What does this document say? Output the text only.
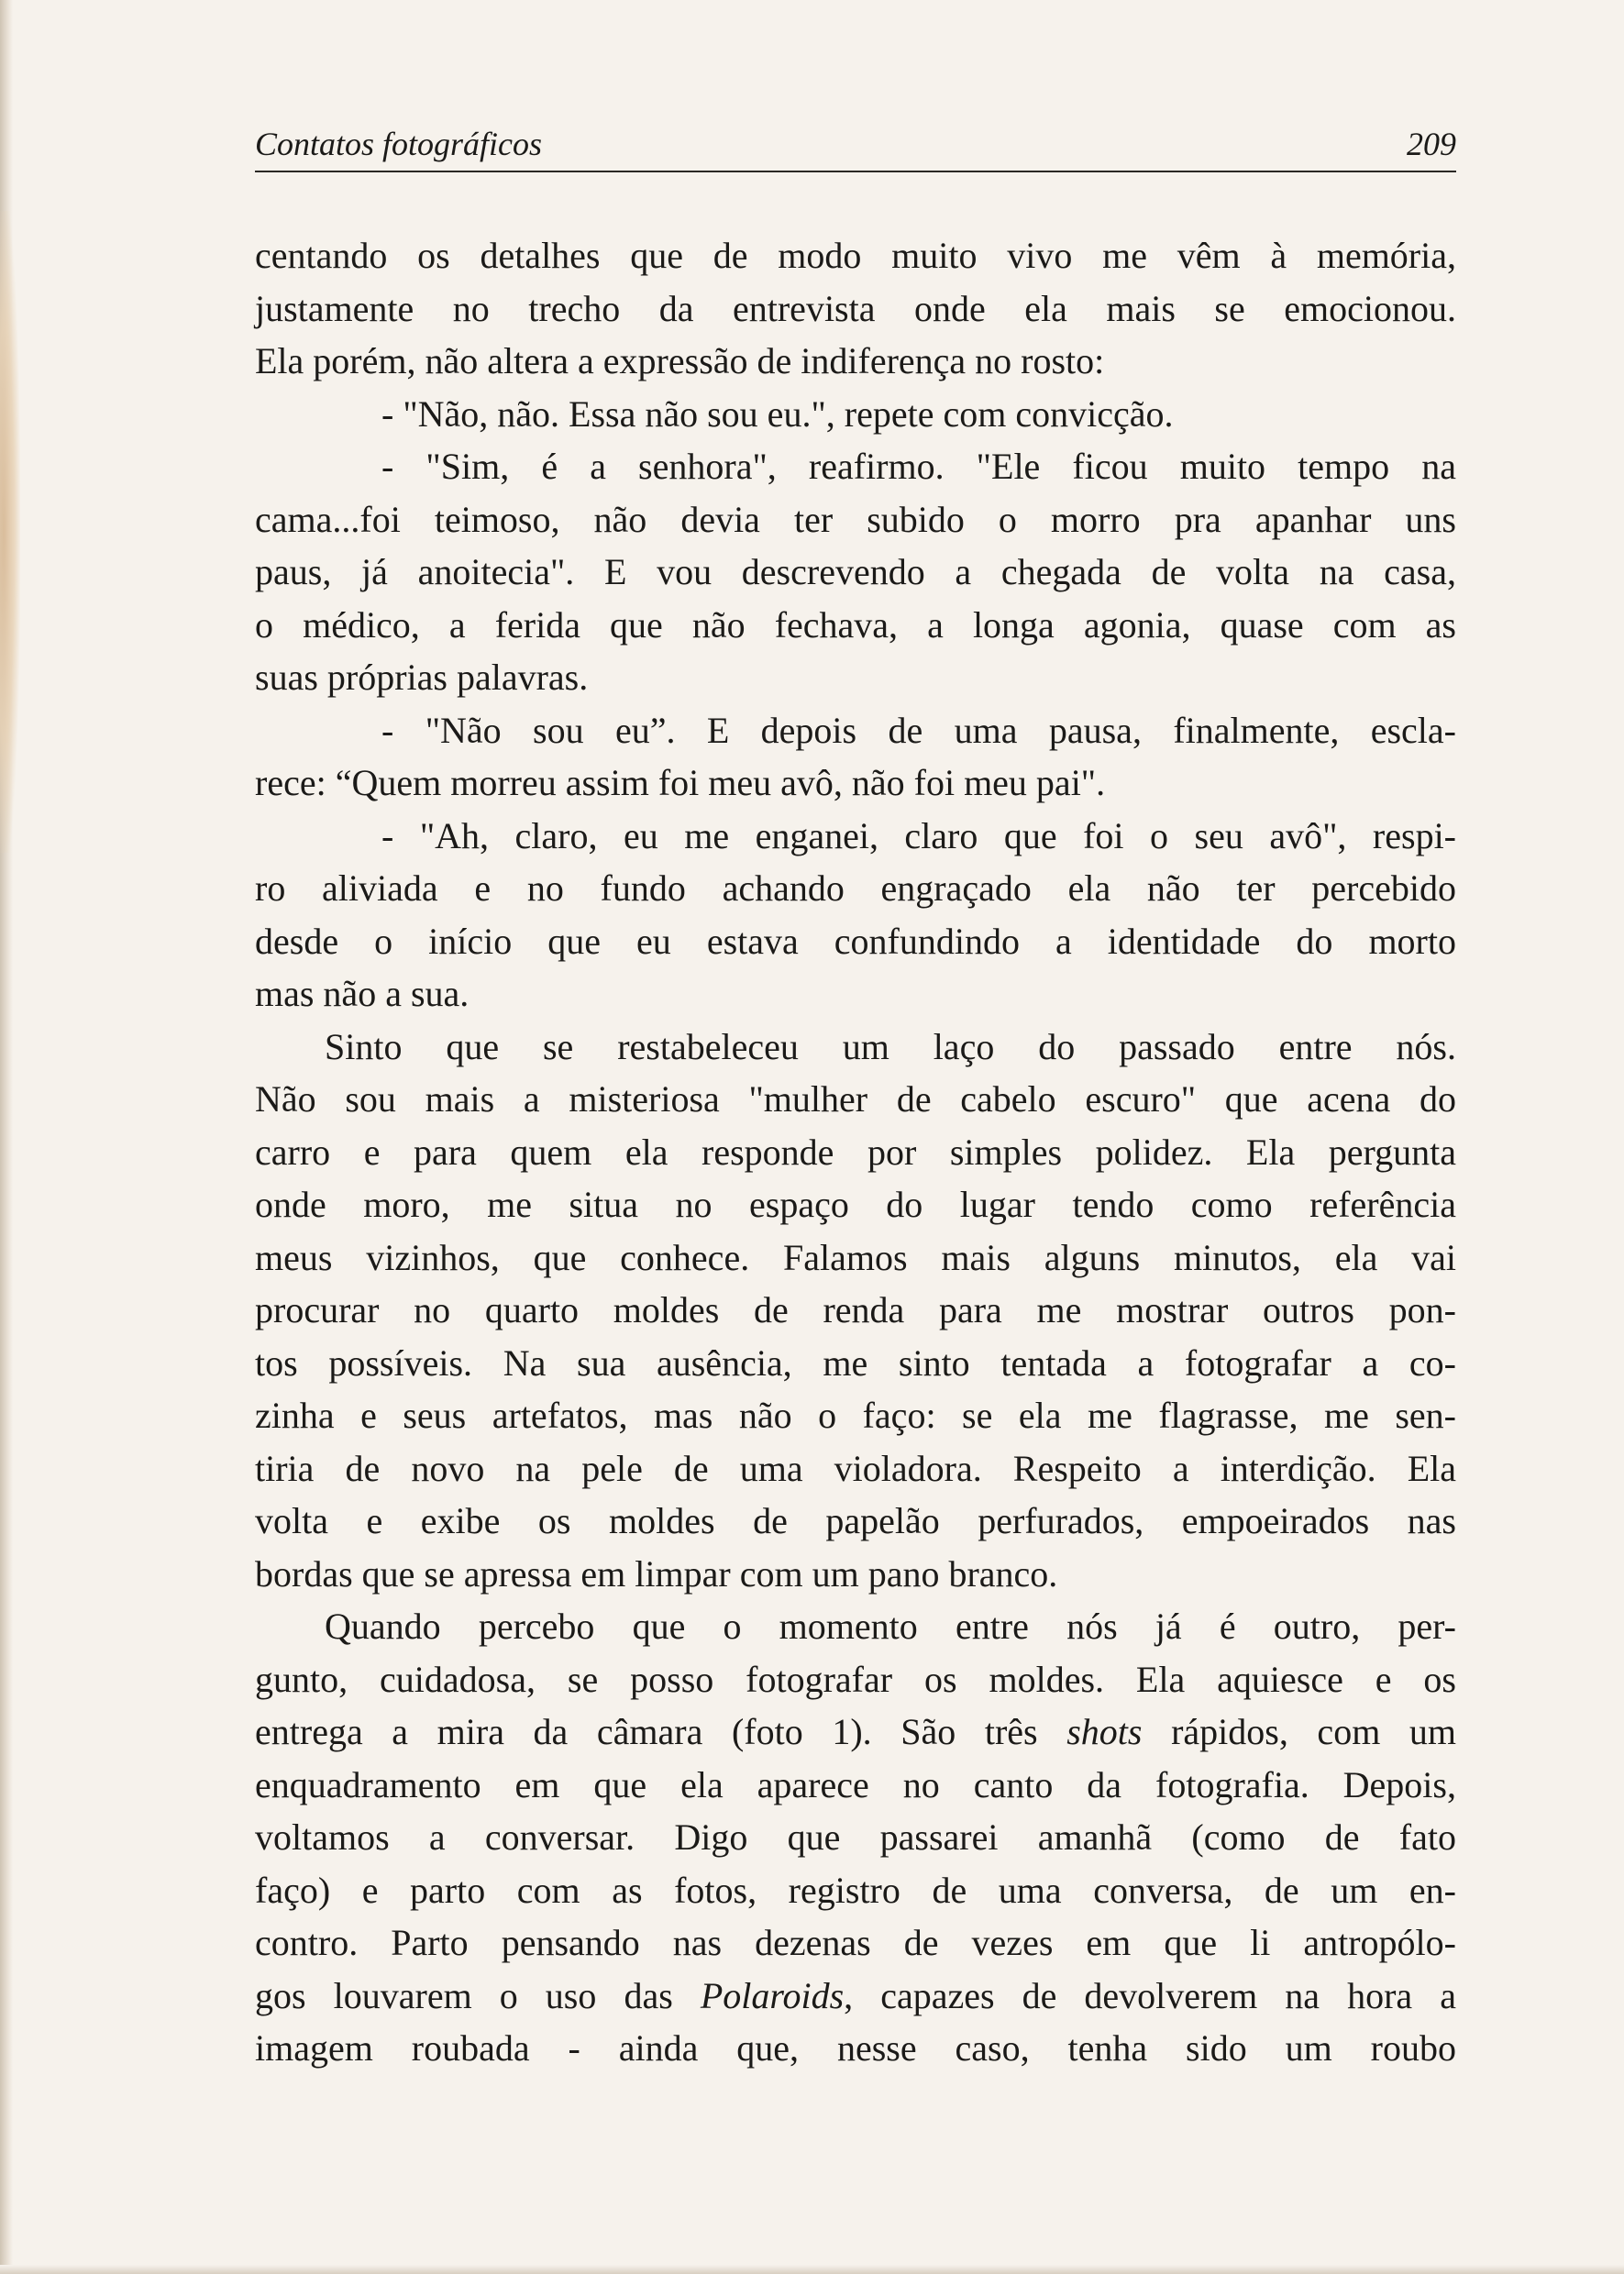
Contatos fotográficos	209
centando os detalhes que de modo muito vivo me vêm à memória,
justamente no trecho da entrevista onde ela mais se emocionou.
Ela porém, não altera a expressão de indiferença no rosto:
- "Não, não. Essa não sou eu.", repete com convicção.
- "Sim, é a senhora", reafirmo. "Ele ficou muito tempo na
cama...foi teimoso, não devia ter subido o morro pra apanhar uns
paus, já anoitecia". E vou descrevendo a chegada de volta na casa,
o médico, a ferida que não fechava, a longa agonia, quase com as
suas próprias palavras.
- "Não sou eu”. E depois de uma pausa, finalmente, escla-
rece: “Quem morreu assim foi meu avô, não foi meu pai".
- "Ah, claro, eu me enganei, claro que foi o seu avô", respi-
ro aliviada e no fundo achando engraçado ela não ter percebido
desde o início que eu estava confundindo a identidade do morto
mas não a sua.
Sinto que se restabeleceu um laço do passado entre nós.
Não sou mais a misteriosa "mulher de cabelo escuro" que acena do
carro e para quem ela responde por simples polidez. Ela pergunta
onde moro, me situa no espaço do lugar tendo como referência
meus vizinhos, que conhece. Falamos mais alguns minutos, ela vai
procurar no quarto moldes de renda para me mostrar outros pon-
tos possíveis. Na sua ausência, me sinto tentada a fotografar a co-
zinha e seus artefatos, mas não o faço: se ela me flagrasse, me sen-
tiria de novo na pele de uma violadora. Respeito a interdição. Ela
volta e exibe os moldes de papelão perfurados, empoeirados nas
bordas que se apressa em limpar com um pano branco.
Quando percebo que o momento entre nós já é outro, per-
gunto, cuidadosa, se posso fotografar os moldes. Ela aquiesce e os
entrega a mira da câmara (foto 1). São três shots rápidos, com um
enquadramento em que ela aparece no canto da fotografia. Depois,
voltamos a conversar. Digo que passarei amanhã (como de fato
faço) e parto com as fotos, registro de uma conversa, de um en-
contro. Parto pensando nas dezenas de vezes em que li antropólo-
gos louvarem o uso das Polaroids, capazes de devolverem na hora a
imagem roubada - ainda que, nesse caso, tenha sido um roubo
